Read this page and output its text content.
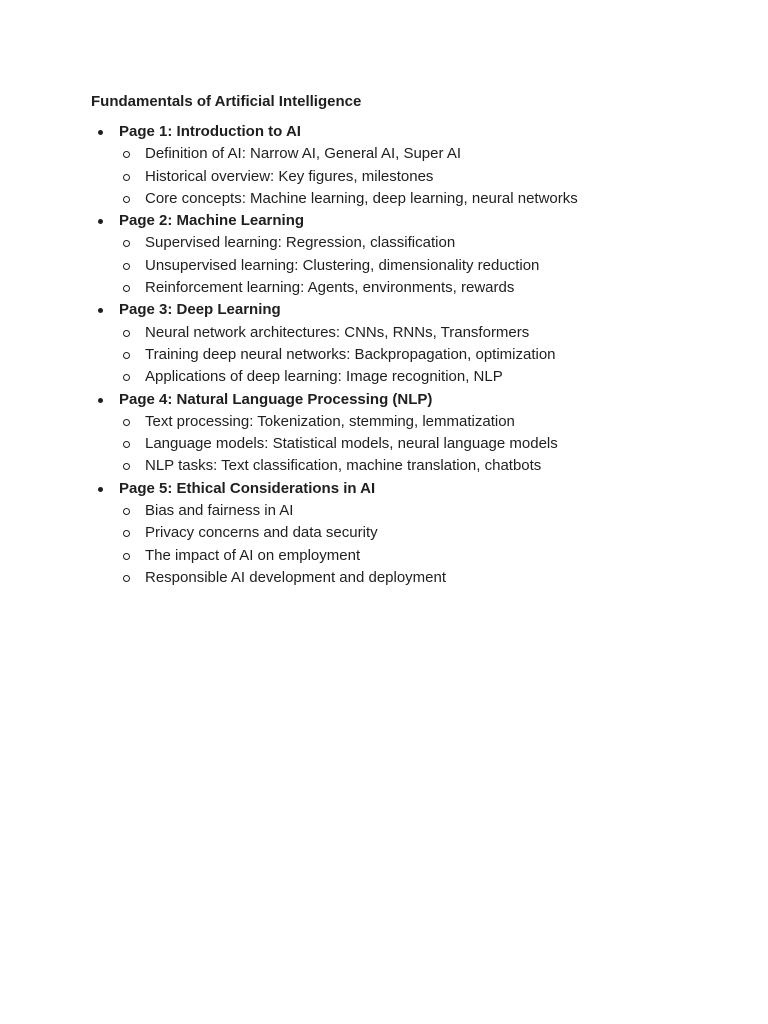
Fundamentals of Artificial Intelligence
Page 1: Introduction to AI
Definition of AI: Narrow AI, General AI, Super AI
Historical overview: Key figures, milestones
Core concepts: Machine learning, deep learning, neural networks
Page 2: Machine Learning
Supervised learning: Regression, classification
Unsupervised learning: Clustering, dimensionality reduction
Reinforcement learning: Agents, environments, rewards
Page 3: Deep Learning
Neural network architectures: CNNs, RNNs, Transformers
Training deep neural networks: Backpropagation, optimization
Applications of deep learning: Image recognition, NLP
Page 4: Natural Language Processing (NLP)
Text processing: Tokenization, stemming, lemmatization
Language models: Statistical models, neural language models
NLP tasks: Text classification, machine translation, chatbots
Page 5: Ethical Considerations in AI
Bias and fairness in AI
Privacy concerns and data security
The impact of AI on employment
Responsible AI development and deployment
